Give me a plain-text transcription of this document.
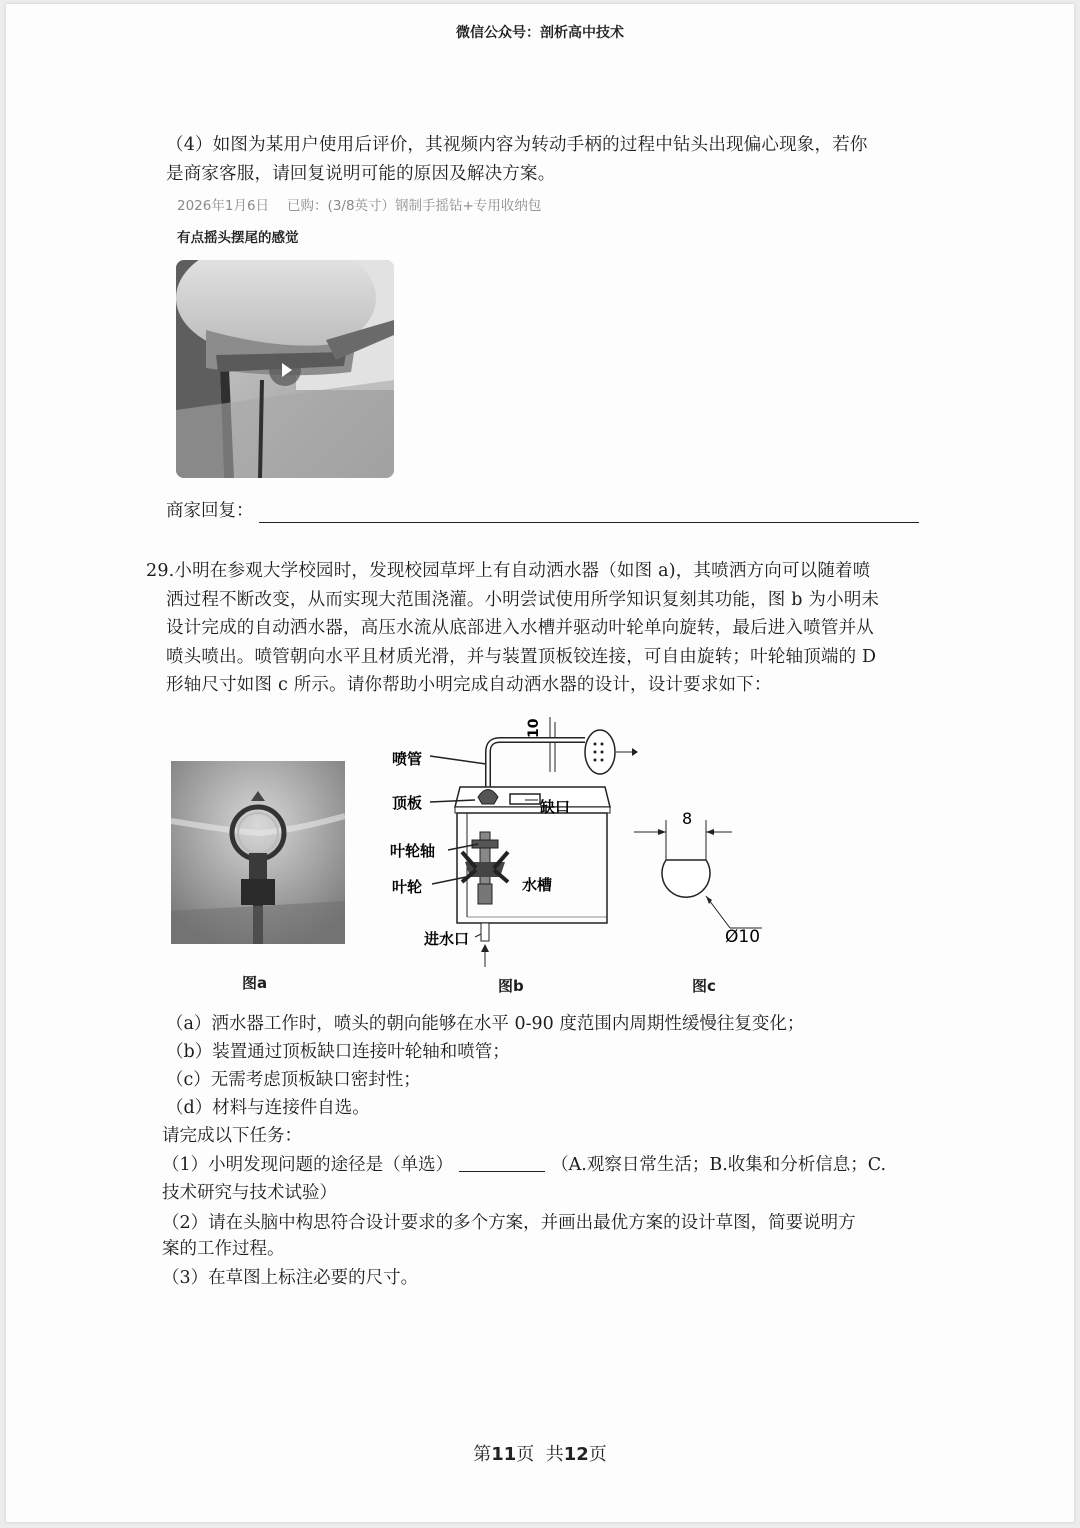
微信公众号：剖析高中技术
（4）如图为某用户使用后评价，其视频内容为转动手柄的过程中钻头出现偏心现象，若你
是商家客服，请回复说明可能的原因及解决方案。
2026年1月6日 已购：(3/8英寸）钢制手摇钻+专用收纳包
有点摇头摆尾的感觉
商家回复：
29.小明在参观大学校园时，发现校园草坪上有自动洒水器（如图 a)，其喷洒方向可以随着喷
洒过程不断改变，从而实现大范围浇灌。小明尝试使用所学知识复刻其功能，图 b 为小明未
设计完成的自动洒水器，高压水流从底部进入水槽并驱动叶轮单向旋转，最后进入喷管并从
喷头喷出。喷管朝向水平且材质光滑，并与装置顶板铰连接，可自由旋转；叶轮轴顶端的 D
形轴尺寸如图 c 所示。请你帮助小明完成自动洒水器的设计，设计要求如下：
10
喷管
顶板	缺口
叶轮轴
叶轮	水槽
进水口
8
Ø10
图a	图b	图c
（a）洒水器工作时，喷头的朝向能够在水平 0-90 度范围内周期性缓慢往复变化；
（b）装置通过顶板缺口连接叶轮轴和喷管；
（c）无需考虑顶板缺口密封性；
（d）材料与连接件自选。
请完成以下任务：
（1）小明发现问题的途径是（单选）	（A.观察日常生活；B.收集和分析信息；C.
技术研究与技术试验）
（2）请在头脑中构思符合设计要求的多个方案，并画出最优方案的设计草图，简要说明方
案的工作过程。
（3）在草图上标注必要的尺寸。
第11页  共12页
